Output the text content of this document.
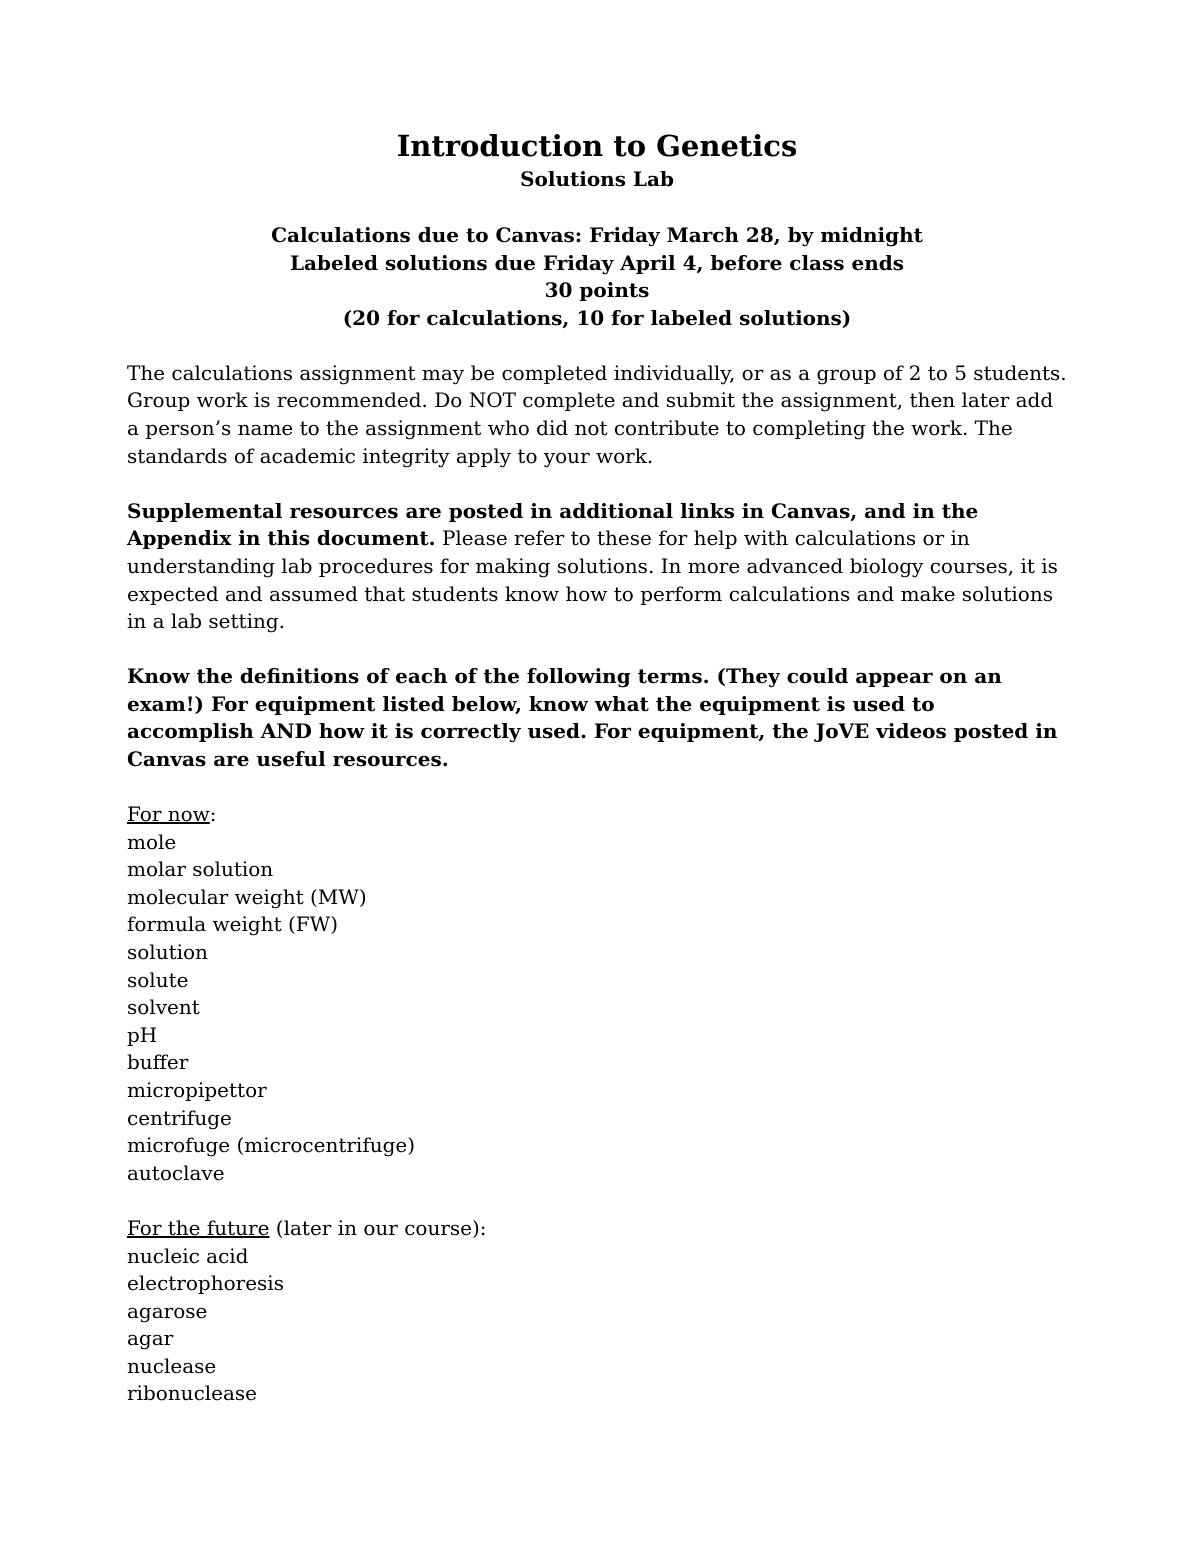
Introduction to Genetics
Solutions Lab
Calculations due to Canvas: Friday March 28, by midnight
Labeled solutions due Friday April 4, before class ends
30 points
(20 for calculations, 10 for labeled solutions)
The calculations assignment may be completed individually, or as a group of 2 to 5 students. Group work is recommended. Do NOT complete and submit the assignment, then later add a person’s name to the assignment who did not contribute to completing the work. The standards of academic integrity apply to your work.
Supplemental resources are posted in additional links in Canvas, and in the Appendix in this document. Please refer to these for help with calculations or in understanding lab procedures for making solutions. In more advanced biology courses, it is expected and assumed that students know how to perform calculations and make solutions in a lab setting.
Know the definitions of each of the following terms. (They could appear on an exam!) For equipment listed below, know what the equipment is used to accomplish AND how it is correctly used. For equipment, the JoVE videos posted in Canvas are useful resources.
For now:
mole
molar solution
molecular weight (MW)
formula weight (FW)
solution
solute
solvent
pH
buffer
micropipettor
centrifuge
microfuge (microcentrifuge)
autoclave
For the future (later in our course):
nucleic acid
electrophoresis
agarose
agar
nuclease
ribonuclease
